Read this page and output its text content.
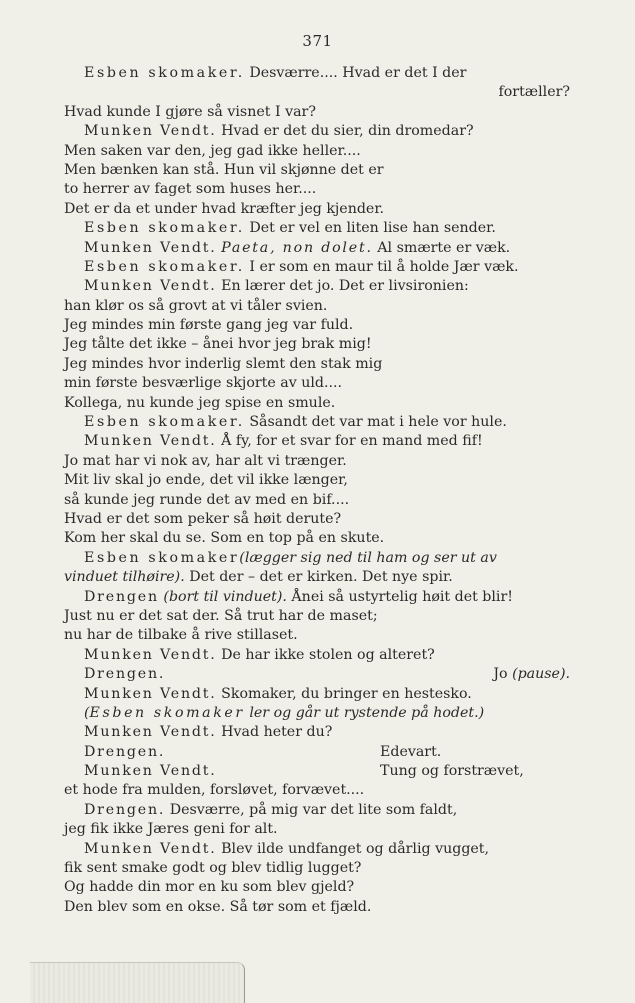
371
Esben skomaker. Desværre.... Hvad er det I der
fortæller?
Hvad kunde I gjøre så visnet I var?
Munken Vendt. Hvad er det du sier, din dromedar?
Men saken var den, jeg gad ikke heller....
Men bænken kan stå. Hun vil skjønne det er
to herrer av faget som huses her....
Det er da et under hvad kræfter jeg kjender.
Esben skomaker. Det er vel en liten lise han sender.
Munken Vendt. Paeta, non dolet. Al smærte er væk.
Esben skomaker. I er som en maur til å holde Jær væk.
Munken Vendt. En lærer det jo. Det er livsironien:
han klør os så grovt at vi tåler svien.
Jeg mindes min første gang jeg var fuld.
Jeg tålte det ikke – ånei hvor jeg brak mig!
Jeg mindes hvor inderlig slemt den stak mig
min første besværlige skjorte av uld....
Kollega, nu kunde jeg spise en smule.
Esben skomaker. Såsandt det var mat i hele vor hule.
Munken Vendt. Å fy, for et svar for en mand med fif!
Jo mat har vi nok av, har alt vi trænger.
Mit liv skal jo ende, det vil ikke længer,
så kunde jeg runde det av med en bif....
Hvad er det som peker så høit derute?
Kom her skal du se. Som en top på en skute.
Esben skomaker(lægger sig ned til ham og ser ut av
vinduet tilhøire). Det der – det er kirken. Det nye spir.
Drengen (bort til vinduet). Ånei så ustyrtelig høit det blir!
Just nu er det sat der. Så trut har de maset;
nu har de tilbake å rive stillaset.
Munken Vendt. De har ikke stolen og alteret?
Drengen.	Jo (pause).
Munken Vendt. Skomaker, du bringer en hestesko.
(Esben skomaker ler og går ut rystende på hodet.)
Munken Vendt. Hvad heter du?
Drengen.	Edevart.
Munken Vendt.	Tung og forstrævet,
et hode fra mulden, forsløvet, forvævet....
Drengen. Desværre, på mig var det lite som faldt,
jeg fik ikke Jæres geni for alt.
Munken Vendt. Blev ilde undfanget og dårlig vugget,
fik sent smake godt og blev tidlig lugget?
Og hadde din mor en ku som blev gjeld?
Den blev som en okse. Så tør som et fjæld.
